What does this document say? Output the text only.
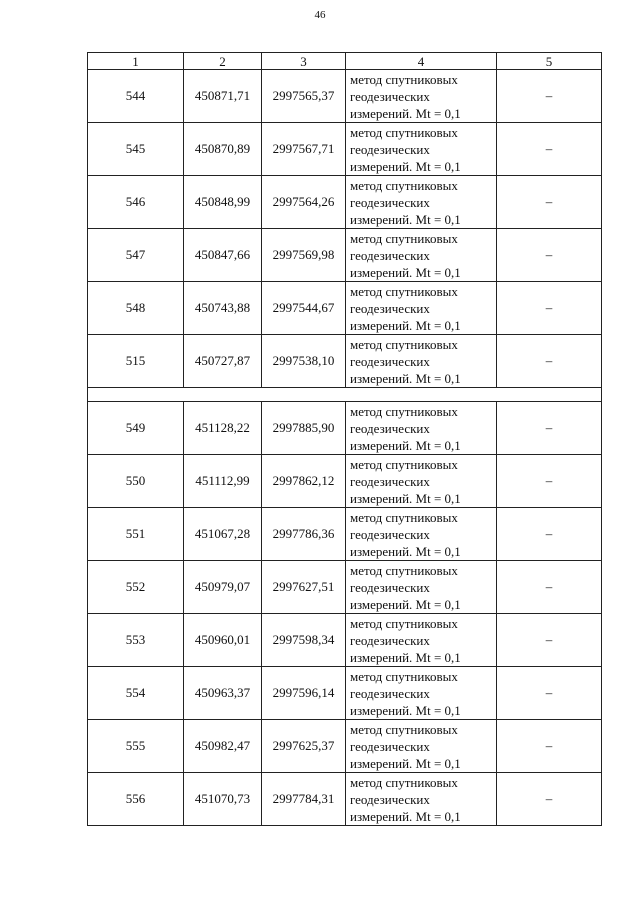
46
1	2	3	4	5
544	450871,71	2997565,37	метод спутниковых
геодезических
измерений. Mt = 0,1	–
545	450870,89	2997567,71	метод спутниковых
геодезических
измерений. Mt = 0,1	–
546	450848,99	2997564,26	метод спутниковых
геодезических
измерений. Mt = 0,1	–
547	450847,66	2997569,98	метод спутниковых
геодезических
измерений. Mt = 0,1	–
548	450743,88	2997544,67	метод спутниковых
геодезических
измерений. Mt = 0,1	–
515	450727,87	2997538,10	метод спутниковых
геодезических
измерений. Mt = 0,1	–

549	451128,22	2997885,90	метод спутниковых
геодезических
измерений. Mt = 0,1	–
550	451112,99	2997862,12	метод спутниковых
геодезических
измерений. Mt = 0,1	–
551	451067,28	2997786,36	метод спутниковых
геодезических
измерений. Mt = 0,1	–
552	450979,07	2997627,51	метод спутниковых
геодезических
измерений. Mt = 0,1	–
553	450960,01	2997598,34	метод спутниковых
геодезических
измерений. Mt = 0,1	–
554	450963,37	2997596,14	метод спутниковых
геодезических
измерений. Mt = 0,1	–
555	450982,47	2997625,37	метод спутниковых
геодезических
измерений. Mt = 0,1	–
556	451070,73	2997784,31	метод спутниковых
геодезических
измерений. Mt = 0,1	–
